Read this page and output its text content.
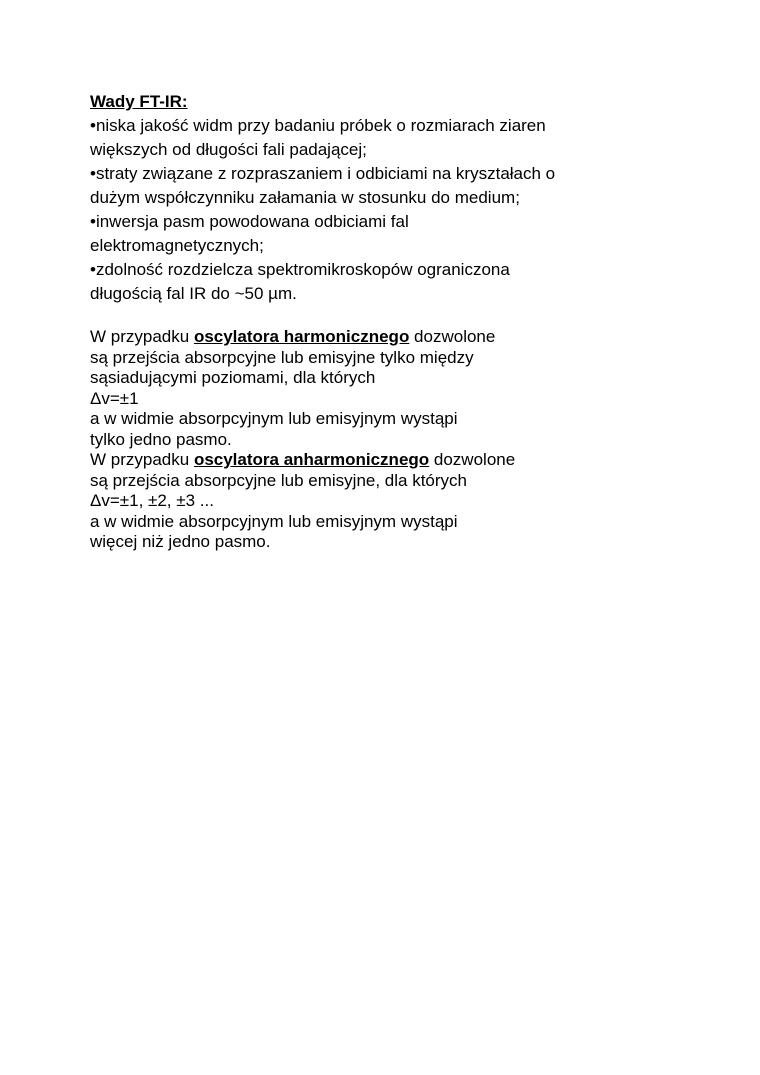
Wady FT-IR:
•niska jakość widm przy badaniu próbek o rozmiarach ziaren
większych od długości fali padającej;
•straty związane z rozpraszaniem i odbiciami na kryształach o
dużym współczynniku załamania w stosunku do medium;
•inwersja pasm powodowana odbiciami fal
elektromagnetycznych;
•zdolność rozdzielcza spektromikroskopów ograniczona
długością fal IR do ~50 µm.
W przypadku oscylatora harmonicznego dozwolone
są przejścia absorpcyjne lub emisyjne tylko między
sąsiadującymi poziomami, dla których
Δv=±1
a w widmie absorpcyjnym lub emisyjnym wystąpi
tylko jedno pasmo.
W przypadku oscylatora anharmonicznego dozwolone
są przejścia absorpcyjne lub emisyjne, dla których
Δv=±1, ±2, ±3 ...
a w widmie absorpcyjnym lub emisyjnym wystąpi
więcej niż jedno pasmo.
